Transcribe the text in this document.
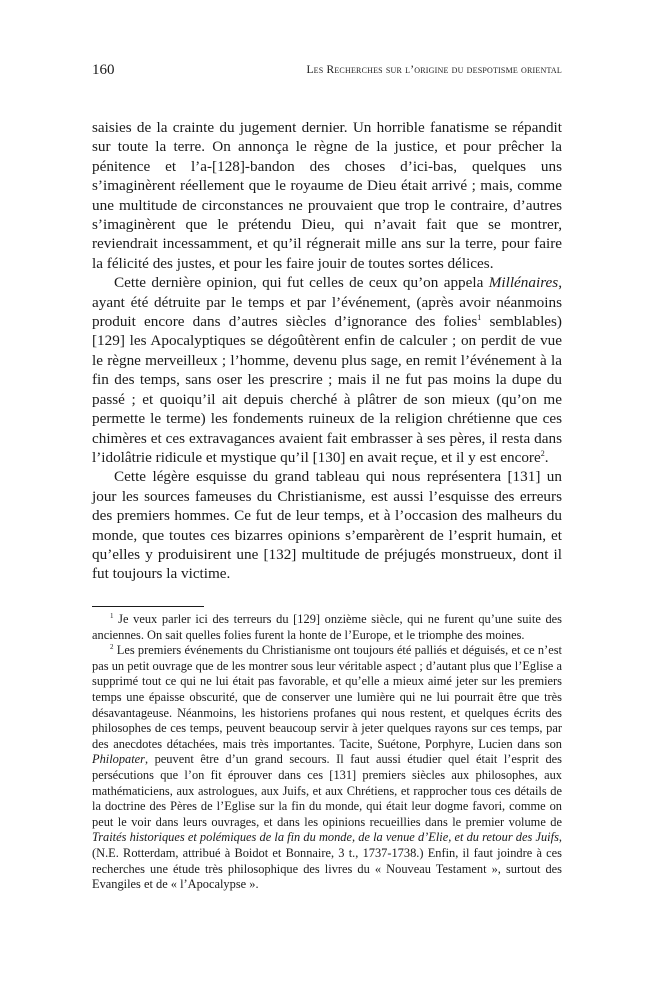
160	Les Recherches sur l’origine du despotisme oriental

saisies de la crainte du jugement dernier. Un horrible fanatisme se répandit sur toute la terre. On annonça le règne de la justice, et pour prêcher la pénitence et l’a-[128]-bandon des choses d’ici-bas, quelques uns s’imaginèrent réellement que le royaume de Dieu était arrivé ; mais, comme une multitude de circonstances ne prouvaient que trop le contraire, d’autres s’imaginèrent que le prétendu Dieu, qui n’avait fait que se montrer, reviendrait incessamment, et qu’il régnerait mille ans sur la terre, pour faire la félicité des justes, et pour les faire jouir de toutes sortes délices.

Cette dernière opinion, qui fut celles de ceux qu’on appela Millénaires, ayant été détruite par le temps et par l’événement, (après avoir néanmoins produit encore dans d’autres siècles d’ignorance des folies$^1$ semblables) [129] les Apocalyptiques se dégoûtèrent enfin de calculer ; on perdit de vue le règne merveilleux ; l’homme, devenu plus sage, en remit l’événement à la fin des temps, sans oser les prescrire ; mais il ne fut pas moins la dupe du passé ; et quoiqu’il ait depuis cherché à plâtrer de son mieux (qu’on me permette le terme) les fondements ruineux de la religion chrétienne que ces chimères et ces extravagances avaient fait embrasser à ses pères, il resta dans l’idolâtrie ridicule et mystique qu’il [130] en avait reçue, et il y est encore$^2$.

Cette légère esquisse du grand tableau qui nous représentera [131] un jour les sources fameuses du Christianisme, est aussi l’esquisse des erreurs des premiers hommes. Ce fut de leur temps, et à l’occasion des malheurs du monde, que toutes ces bizarres opinions s’emparèrent de l’esprit humain, et qu’elles y produisirent une [132] multitude de préjugés monstrueux, dont il fut toujours la victime.

$^1$ Je veux parler ici des terreurs du [129] onzième siècle, qui ne furent qu’une suite des anciennes. On sait quelles folies furent la honte de l’Europe, et le triomphe des moines.

$^2$ Les premiers événements du Christianisme ont toujours été palliés et déguisés, et ce n’est pas un petit ouvrage que de les montrer sous leur véritable aspect ; d’autant plus que l’Eglise a supprimé tout ce qui ne lui était pas favorable, et qu’elle a mieux aimé jeter sur les premiers temps une épaisse obscurité, que de conserver une lumière qui ne lui pourrait être que très désavantageuse. Néanmoins, les historiens profanes qui nous restent, et quelques écrits des philosophes de ces temps, peuvent beaucoup servir à jeter quelques rayons sur ces temps, par des anecdotes détachées, mais très importantes. Tacite, Suétone, Porphyre, Lucien dans son Philopater, peuvent être d’un grand secours. Il faut aussi étudier quel était l’esprit des persécutions que l’on fit éprouver dans ces [131] premiers siècles aux philosophes, aux mathématiciens, aux astrologues, aux Juifs, et aux Chrétiens, et rapprocher tous ces détails de la doctrine des Pères de l’Eglise sur la fin du monde, qui était leur dogme favori, comme on peut le voir dans leurs ouvrages, et dans les opinions recueillies dans le premier volume de Traités historiques et polémiques de la fin du monde, de la venue d’Elie, et du retour des Juifs, (N.E. Rotterdam, attribué à Boidot et Bonnaire, 3 t., 1737-1738.) Enfin, il faut joindre à ces recherches une étude très philosophique des livres du « Nouveau Testament », surtout des Evangiles et de « l’Apocalypse ».
